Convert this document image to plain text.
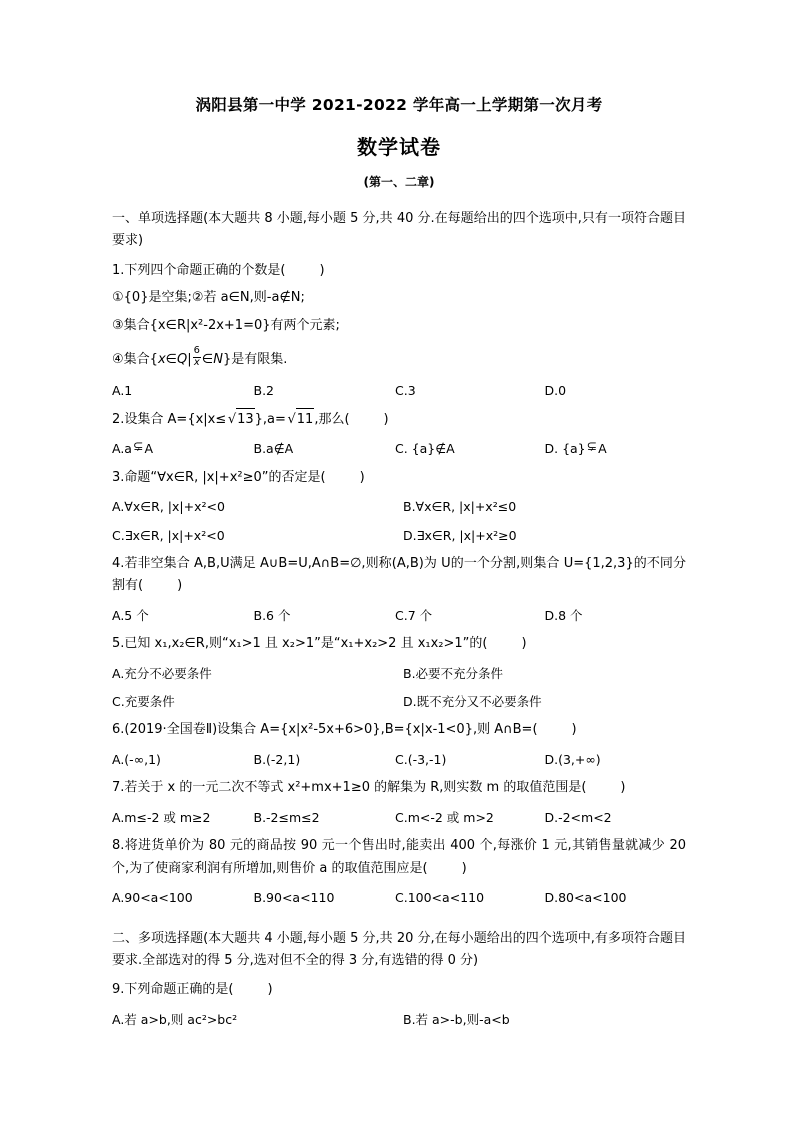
涡阳县第一中学 2021-2022 学年高一上学期第一次月考
数学试卷
(第一、二章)
一、单项选择题(本大题共 8 小题,每小题 5 分,共 40 分.在每题给出的四个选项中,只有一项符合题目要求)
1.下列四个命题正确的个数是(	)
①{0}是空集;②若 a∈N,则-a∉N;
③集合{x∈R|x²-2x+1=0}有两个元素;
④集合{x∈Q| $\frac{6}{x}$ ∈N}是有限集.
A.1	B.2	C.3	D.0
2.设集合 A={x|x≤ √13},a= √11,那么(	)
A.a⊊A	B.a∉A	C. {a}∉A	D. {a}⊊A
3.命题“∀x∈R, |x|+x²≥0”的否定是(	)
A.∀x∈R, |x|+x²<0	B.∀x∈R, |x|+x²≤0
C.∃x∈R, |x|+x²<0	D.∃x∈R, |x|+x²≥0
4.若非空集合 A,B,U满足 A∪B=U,A∩B=∅,则称(A,B)为 U的一个分割,则集合 U={1,2,3}的不同分割有(	)
A.5 个	B.6 个	C.7 个	D.8 个
5.已知 x₁,x₂∈R,则“x₁>1 且 x₂>1”是“x₁+x₂>2 且 x₁x₂>1”的(	)
A.充分不必要条件	B.必要不充分条件
C.充要条件	D.既不充分又不必要条件
6.(2019·全国卷Ⅱ)设集合 A={x|x²-5x+6>0},B={x|x-1<0},则 A∩B=(	)
A.(-∞,1)	B.(-2,1)	C.(-3,-1)	D.(3,+∞)
7.若关于 x 的一元二次不等式 x²+mx+1≥0 的解集为 R,则实数 m 的取值范围是(	)
A.m≤-2 或 m≥2	B.-2≤m≤2	C.m<-2 或 m>2	D.-2<m<2
8.将进货单价为 80 元的商品按 90 元一个售出时,能卖出 400 个,每涨价 1 元,其销售量就减少 20 个,为了使商家利润有所增加,则售价 a 的取值范围应是(	)
A.90<a<100	B.90<a<110	C.100<a<110	D.80<a<100
二、多项选择题(本大题共 4 小题,每小题 5 分,共 20 分,在每小题给出的四个选项中,有多项符合题目要求.全部选对的得 5 分,选对但不全的得 3 分,有选错的得 0 分)
9.下列命题正确的是(	)
A.若 a>b,则 ac²>bc²	B.若 a>-b,则-a<b
